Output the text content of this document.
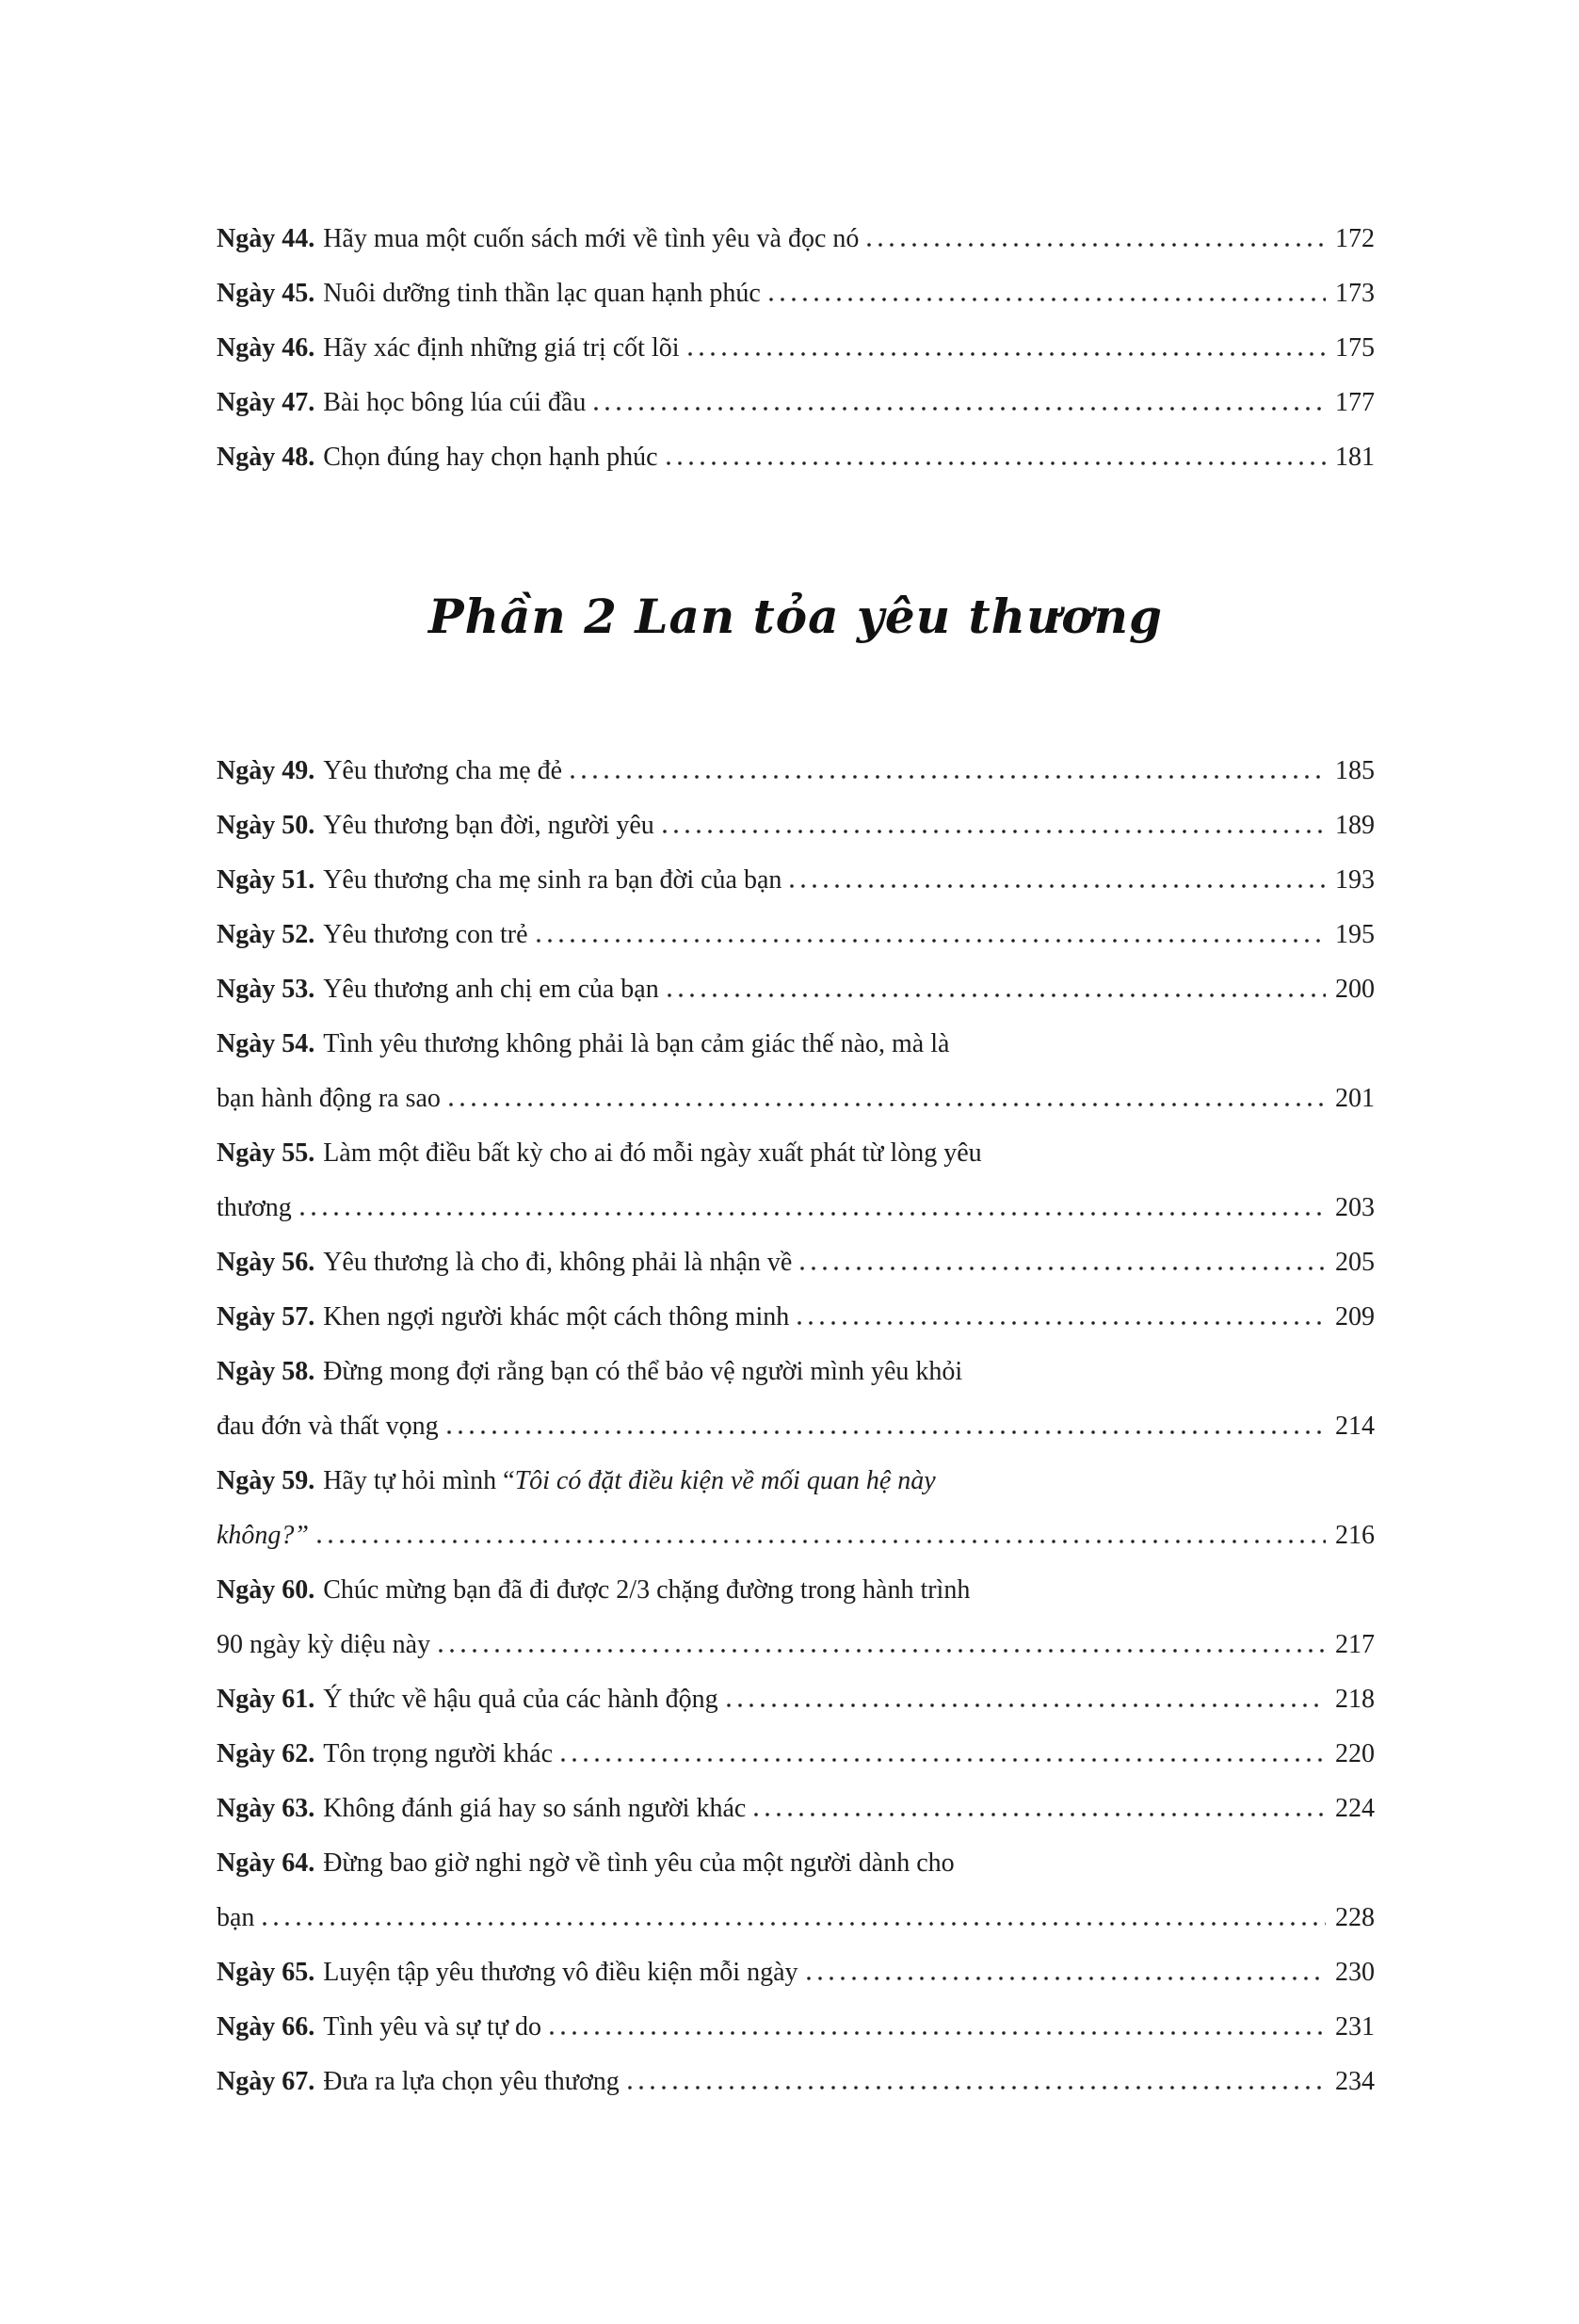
Ngày 44. Hãy mua một cuốn sách mới về tình yêu và đọc nó	172
Ngày 45. Nuôi dưỡng tinh thần lạc quan hạnh phúc	173
Ngày 46. Hãy xác định những giá trị cốt lõi	175
Ngày 47. Bài học bông lúa cúi đầu	177
Ngày 48. Chọn đúng hay chọn hạnh phúc	181
Phần 2 Lan tỏa yêu thương
Ngày 49. Yêu thương cha mẹ đẻ	185
Ngày 50. Yêu thương bạn đời, người yêu	189
Ngày 51. Yêu thương cha mẹ sinh ra bạn đời của bạn	193
Ngày 52. Yêu thương con trẻ	195
Ngày 53. Yêu thương anh chị em của bạn	200
Ngày 54. Tình yêu thương không phải là bạn cảm giác thế nào, mà là
bạn hành động ra sao	201
Ngày 55. Làm một điều bất kỳ cho ai đó mỗi ngày xuất phát từ lòng yêu
thương	203
Ngày 56. Yêu thương là cho đi, không phải là nhận về	205
Ngày 57. Khen ngợi người khác một cách thông minh	209
Ngày 58. Đừng mong đợi rằng bạn có thể bảo vệ người mình yêu khỏi
đau đớn và thất vọng	214
Ngày 59. Hãy tự hỏi mình “Tôi có đặt điều kiện về mối quan hệ này
không?”	216
Ngày 60. Chúc mừng bạn đã đi được 2/3 chặng đường trong hành trình
90 ngày kỳ diệu này	217
Ngày 61. Ý thức về hậu quả của các hành động	218
Ngày 62. Tôn trọng người khác	220
Ngày 63. Không đánh giá hay so sánh người khác	224
Ngày 64. Đừng bao giờ nghi ngờ về tình yêu của một người dành cho
bạn	228
Ngày 65. Luyện tập yêu thương vô điều kiện mỗi ngày	230
Ngày 66. Tình yêu và sự tự do	231
Ngày 67. Đưa ra lựa chọn yêu thương	234
